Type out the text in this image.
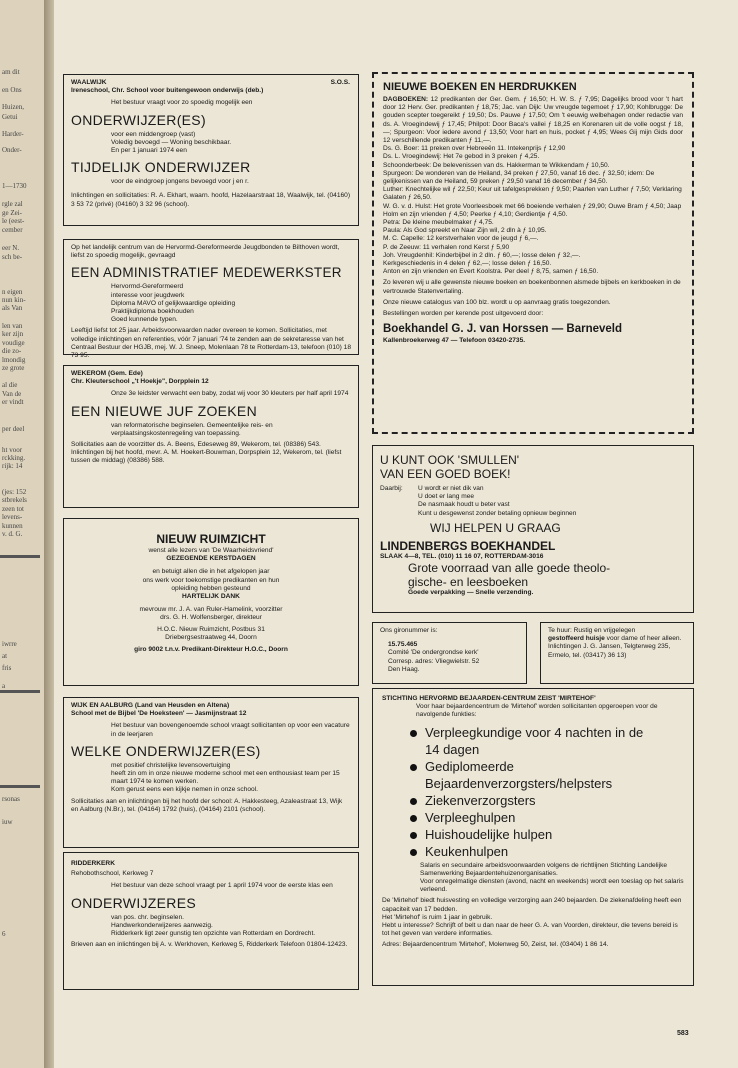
am dit
en Ons
Huizen,
Getui
Harder-
Onder-
1—1730
rgle zal
ge Zei-
le (eest-
cember
eer N.
sch be-
n eigen
nun kin-
als Van
len van
ker zijn
voudige
die zo-
lmondig
ze grote
al die
Van de
er vindt
per deel
ht voor
rckking.
rijk: 14
(jes: 152
stbrekels
zeen tot
levens-
kunnen
v. d. G.
iwrre
at
fris
a
rsonas
iuw
6
WAALWIJK	S.O.S.
Ireneschool, Chr. School voor buitengewoon onderwijs (deb.)
Het bestuur vraagt voor zo spoedig mogelijk een
ONDERWIJZER(ES)
voor een middengroep (vast)
Voledig bevoegd — Woning beschikbaar.
En per 1 januari 1974 een
TIJDELIJK ONDERWIJZER
voor de eindgroep jongens bevoegd voor j en r.
Inlichtingen en sollicitaties: R. A. Ekhart, waarn. hoofd, Hazelaarstraat 18, Waalwijk, tel. (04160) 3 53 72 (privé) (04160) 3 32 96 (school).
Op het landelijk centrum van de Hervormd-Gereformeerde Jeugdbonden te Bilthoven wordt, liefst zo spoedig mogelijk, gevraagd
EEN ADMINISTRATIEF MEDEWERKSTER
Hervormd-Gereformeerd
interesse voor jeugdwerk
Diploma MAVO of gelijkwaardige opleiding
Praktijkdiploma boekhouden
Goed kunnende typen.
Leeftijd liefst tot 25 jaar. Arbeidsvoorwaarden nader overeen te komen. Sollicitaties, met volledige inlichtingen en referenties, vóór 7 januari '74 te zenden aan de sekretaresse van het Centraal Bestuur der HGJB, mej. W. J. Sneep, Molenlaan 78 te Rotterdam-13, telefoon (010) 18 73 95.
WEKEROM (Gem. Ede)
Chr. Kleuterschool „'t Hoekje", Dorpplein 12
Onze 3e leidster verwacht een baby, zodat wij voor 30 kleuters per half april 1974
EEN NIEUWE JUF ZOEKEN
van reformatorische beginselen. Gemeentelijke reis- en verplaatsingskostenregeling van toepassing.
Sollicitaties aan de voorzitter ds. A. Beens, Edeseweg 89, Wekerom, tel. (08386) 543. Inlichtingen bij het hoofd, mevr. A. M. Hoekert-Bouwman, Dorpsplein 12, Wekerom, tel. (liefst tussen de middag) (08386) 588.
NIEUW RUIMZICHT
wenst alle lezers van 'De Waarheidsvriend'
GEZEGENDE KERSTDAGEN
en betuigt allen die in het afgelopen jaar
ons werk voor toekomstige predikanten en hun
opleiding hebben gesteund
HARTELIJK DANK
mevrouw mr. J. A. van Ruler-Hamelink, voorzitter
drs. G. H. Wolfensberger, direkteur
H.O.C. Nieuw Ruimzicht, Postbus 31
Driebergsestraatweg 44, Doorn
giro 9002 t.n.v. Predikant-Direkteur H.O.C., Doorn
WIJK EN AALBURG (Land van Heusden en Altena)
School met de Bijbel 'De Hoeksteen' — Jasmijnstraat 12
Het bestuur van bovengenoemde school vraagt sollicitanten op voor een vacature in de leerjaren
WELKE ONDERWIJZER(ES)
met positief christelijke levensovertuiging
heeft zin om in onze nieuwe moderne school met een enthousiast team per 15 maart 1974 te komen werken.
Kom gerust eens een kijkje nemen in onze school.
Sollicitaties aan en inlichtingen bij het hoofd der school: A. Hakkesteeg, Azaleastraat 13, Wijk en Aalburg (N.Br.), tel. (04164) 1792 (huis), (04164) 2101 (school).
RIDDERKERK
Rehobothschool, Kerkweg 7
Het bestuur van deze school vraagt per 1 april 1974 voor de eerste klas een
ONDERWIJZERES
van pos. chr. beginselen.
Handwerkonderwijzeres aanwezig.
Ridderkerk ligt zeer gunstig ten opzichte van Rotterdam en Dordrecht.
Brieven aan en inlichtingen bij A. v. Werkhoven, Kerkweg 5, Ridderkerk Telefoon 01804-12423.
NIEUWE BOEKEN EN HERDRUKKEN
DAGBOEKEN: 12 predikanten der Ger. Gem. ƒ 16,50; H. W. S. ƒ 7,95; Dagelijks brood voor 't hart door 12 Herv. Ger. predikanten ƒ 18,75; Jac. van Dijk: Uw vreugde tegemoet ƒ 17,90; Kohlbrugge: De gouden scepter toegereikt ƒ 19,50; Ds. Pauwe ƒ 17,50; Om 't eeuwig welbehagen onder redactie van ds. A. Vroegindewij ƒ 17,45; Philpot: Door Baca's vallei ƒ 18,25 en Korenaren uit de volle oogst ƒ 18,—; Spurgeon: Voor iedere avond ƒ 13,50; Voor hart en huis, pocket ƒ 4,95; Wees Gij mijn Gids door 12 verschillende predikanten ƒ 11,—.
Ds. G. Boer: 11 preken over Hebreeën 11. Intekenprijs ƒ 12,90
Ds. L. Vroegindewij: Het 7e gebod in 3 preken ƒ 4,25.
Schoonderbeek: De belevenissen van ds. Hakkerman te Wikkendam ƒ 10,50.
Spurgeon: De wonderen van de Heiland, 34 preken ƒ 27,50, vanaf 16 dec. ƒ 32,50; idem: De gelijkenissen van de Heiland, 59 preken ƒ 29,50 vanaf 16 december ƒ 34,50.
Luther: Knechtelijke wil ƒ 22,50; Keur uit tafelgesprekken ƒ 9,50; Paarlen van Luther ƒ 7,50; Verklaring Galaten ƒ 26,50.
W. G. v. d. Hulst: Het grote Voorleesboek met 66 boeiende verhalen ƒ 29,90; Ouwe Bram ƒ 4,50; Jaap Holm en zijn vrienden ƒ 4,50; Peerke ƒ 4,10; Gerdientje ƒ 4,50.
Petra: De kleine meubelmaker ƒ 4,75.
Paula: Als God spreekt en Naar Zijn wil, 2 dln à ƒ 10,95.
M. C. Capelle: 12 kerstverhalen voor de jeugd ƒ 6,—.
P. de Zeeuw: 11 verhalen rond Kerst ƒ 5,90
Joh. Vreugdenhil: Kinderbijbel in 2 dln. ƒ 60,—; losse delen ƒ 32,—.
Kerkgeschiedenis in 4 delen ƒ 62,—; losse delen ƒ 16,50.
Anton en zijn vrienden en Evert Koolstra. Per deel ƒ 8,75, samen ƒ 16,50.
Zo leveren wij u alle gewenste nieuwe boeken en boekenbonnen alsmede bijbels en kerkboeken in de vertrouwde Statenvertaling.
Onze nieuwe catalogus van 100 blz. wordt u op aanvraag gratis toegezonden.
Bestellingen worden per kerende post uitgevoerd door:
Boekhandel G. J. van Horssen — Barneveld
Kallenbroekerweg 47 — Telefoon 03420-2735.
U KUNT OOK 'SMULLEN'
VAN EEN GOED BOEK!
Daarbij:	U wordt er niet dik van
U doet er lang mee
De nasmaak houdt u beter vast
Kunt u desgewenst zonder betaling opnieuw beginnen
WIJ HELPEN U GRAAG
LINDENBERGS BOEKHANDEL
SLAAK 4—8, TEL. (010) 11 16 07, ROTTERDAM-3016
Grote voorraad van alle goede theolo-
gische- en leesboeken
Goede verpakking — Snelle verzending.
Ons gironummer is:
15.75.465
Comité 'De ondergrondse kerk'
Corresp. adres: Vliegwielstr. 52
Den Haag.
Te huur: Rustig en vrijgelegen
gestoffeerd huisje voor dame of heer alleen. Inlichtingen J. G. Jansen, Telgterweg 235, Ermelo, tel. (03417) 36 13)
STICHTING HERVORMD BEJAARDEN-CENTRUM ZEIST 'MIRTEHOF'
Voor haar bejaardencentrum de 'Mirtehof' worden sollicitanten opgeroepen voor de navolgende funkties:
Verpleegkundige voor 4 nachten in de
14 dagen
Gediplomeerde
Bejaardenverzorgsters/helpsters
Ziekenverzorgsters
Verpleeghulpen
Huishoudelijke hulpen
Keukenhulpen
Salaris en secundaire arbeidsvoorwaarden volgens de richtlijnen Stichting Landelijke Samenwerking Bejaardentehuizenorganisaties.
Voor onregelmatige diensten (avond, nacht en weekends) wordt een toeslag op het salaris verleend.
De 'Mirtehof' biedt huisvesting en volledige verzorging aan 240 bejaarden. De ziekenafdeling heeft een capaciteit van 17 bedden.
Het 'Mirtehof' is ruim 1 jaar in gebruik.
Hebt u interesse? Schrijft of belt u dan naar de heer G. A. van Voorden, direkteur, die tevens bereid is tot het geven van verdere informaties.
Adres: Bejaardencentrum 'Mirtehof', Molenweg 50, Zeist, tel. (03404) 1 86 14.
583
